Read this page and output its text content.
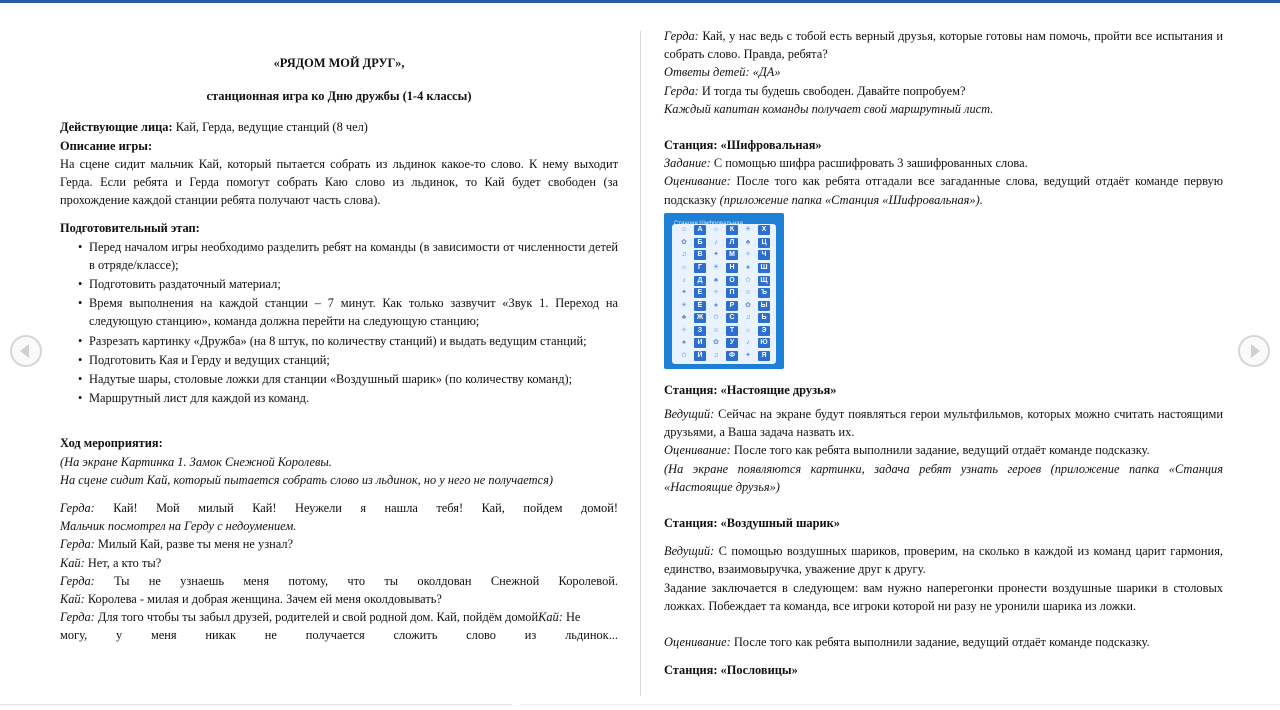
«РЯДОМ МОЙ ДРУГ»,

станционная игра ко Дню дружбы (1-4 классы)

Действующие лица: Кай, Герда, ведущие станций (8 чел)

Описание игры:

На сцене сидит мальчик Кай, который пытается собрать из льдинок какое-то слово. К нему выходит Герда. Если ребята и Герда помогут собрать Каю слово из льдинок, то Кай будет свободен (за прохождение каждой станции ребята получают часть слова).

Подготовительный этап:

• Перед началом игры необходимо разделить ребят на команды (в зависимости от численности детей в отряде/классе);
• Подготовить раздаточный материал;
• Время выполнения на каждой станции – 7 минут. Как только зазвучит «Звук 1. Переход на следующую станцию», команда должна перейти на следующую станцию;
• Разрезать картинку «Дружба» (на 8 штук, по количеству станций) и выдать ведущим станций;
• Подготовить Кая и Герду и ведущих станций;
• Надутые шары, столовые ложки для станции «Воздушный шарик» (по количеству команд);
• Маршрутный лист для каждой из команд.

Ход мероприятия:

(На экране Картинка 1. Замок Снежной Королевы.

На сцене сидит Кай, который пытается собрать слово из льдинок, но у него не получается)

Герда: Кай! Мой милый Кай! Неужели я нашла тебя! Кай, пойдем домой!

Мальчик посмотрел на Герду с недоумением.

Герда: Милый Кай, разве ты меня не узнал?

Кай: Нет, а кто ты?

Герда: Ты не узнаешь меня потому, что ты околдован Снежной Королевой.

Кай: Королева - милая и добрая женщина. Зачем ей меня околдовывать?

Герда: Для того чтобы ты забыл друзей, родителей и свой родной дом. Кай, пойдём домойКай: Не

могу, у меня никак не получается сложить слово из льдинок...

Герда: Кай, у нас ведь с тобой есть верный друзья, которые готовы нам помочь, пройти все испытания и собрать слово. Правда, ребята?

Ответы детей: «ДА»

Герда: И тогда ты будешь свободен. Давайте попробуем?

Каждый капитан команды получает свой маршрутный лист.

Станция: «Шифровальная»

Задание: С помощью шифра расшифровать 3 зашифрованных слова.

Оценивание: После того как ребята отгадали все загаданные слова, ведущий отдаёт команде первую подсказку (приложение папка «Станция «Шифровальная»).

☺	А	☼	К	☀	Х
✿	Б	♪	Л	♣	Ц
♫	В	✦	М	✧	Ч
☼	Г	☀	Н	♠	Ш
♪	Д	♣	О	✩	Щ
✦	Е	✧	П	☺	Ъ
☀	Ё	♠	Р	✿	Ы
♣	Ж	✩	С	♫	Ь
✧	З	☺	Т	☼	Э
♠	И	✿	У	♪	Ю
✩	Й	♫	Ф	✦	Я

Станция: «Настоящие друзья»

Ведущий: Сейчас на экране будут появляться герои мультфильмов, которых можно считать настоящими друзьями, а Ваша задача назвать их.

Оценивание: После того как ребята выполнили задание, ведущий отдаёт команде подсказку.

(На экране появляются картинки, задача ребят узнать героев (приложение папка «Станция «Настоящие друзья»)

Станция: «Воздушный шарик»

Ведущий: С помощью воздушных шариков, проверим, на сколько в каждой из команд царит гармония, единство, взаимовыручка, уважение друг к другу.

Задание заключается в следующем: вам нужно наперегонки пронести воздушные шарики в столовых ложках. Побеждает та команда, все игроки которой ни разу не уронили шарика из ложки.

Оценивание: После того как ребята выполнили задание, ведущий отдаёт команде подсказку.

Станция: «Пословицы»
